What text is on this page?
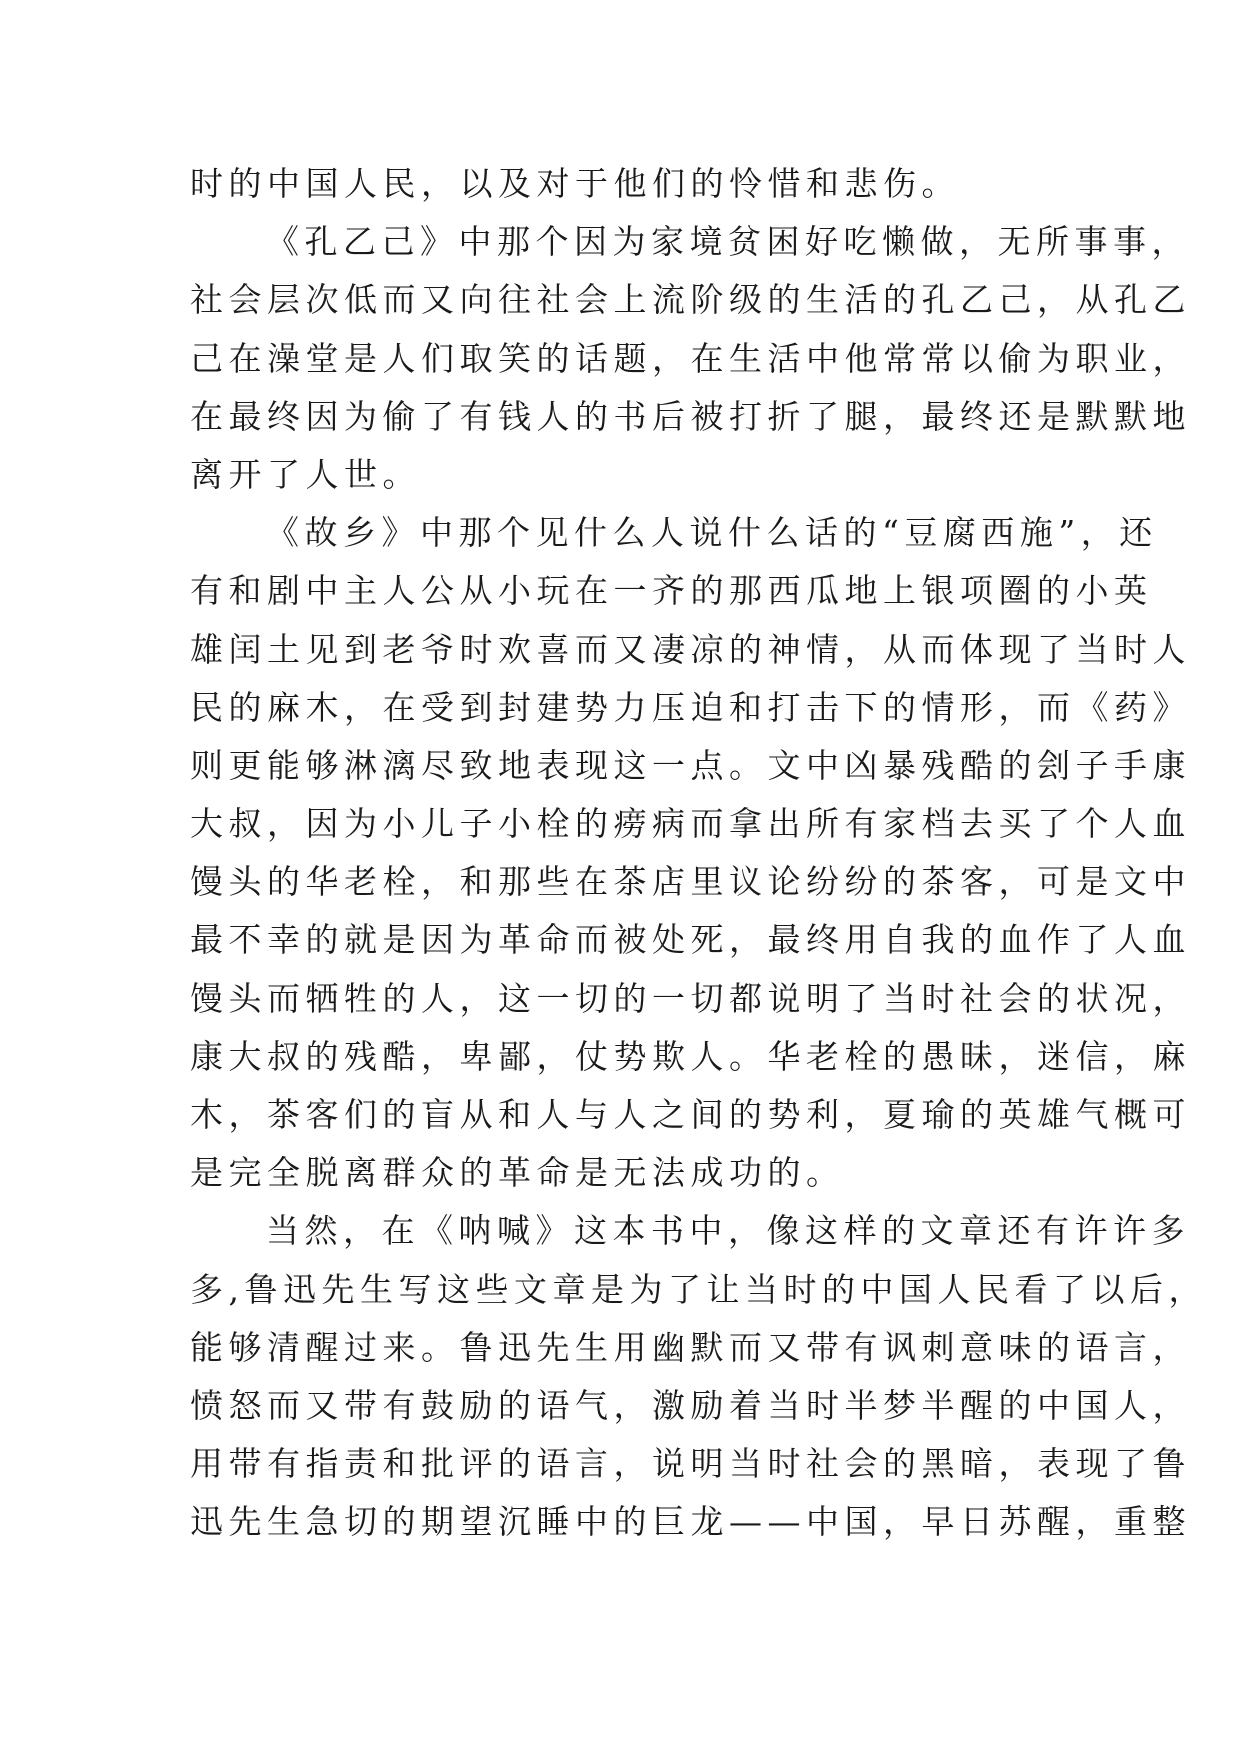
时的中国人民，以及对于他们的怜惜和悲伤。

《孔乙己》中那个因为家境贫困好吃懒做，无所事事，
社会层次低而又向往社会上流阶级的生活的孔乙己，从孔乙
己在澡堂是人们取笑的话题，在生活中他常常以偷为职业，
在最终因为偷了有钱人的书后被打折了腿，最终还是默默地
离开了人世。

《故乡》中那个见什么人说什么话的“豆腐西施”，还
有和剧中主人公从小玩在一齐的那西瓜地上银项圈的小英
雄闰土见到老爷时欢喜而又凄凉的神情，从而体现了当时人
民的麻木，在受到封建势力压迫和打击下的情形，而《药》
则更能够淋漓尽致地表现这一点。文中凶暴残酷的刽子手康
大叔，因为小儿子小栓的痨病而拿出所有家档去买了个人血
馒头的华老栓，和那些在茶店里议论纷纷的茶客，可是文中
最不幸的就是因为革命而被处死，最终用自我的血作了人血
馒头而牺牲的人，这一切的一切都说明了当时社会的状况，
康大叔的残酷，卑鄙，仗势欺人。华老栓的愚昧，迷信，麻
木，茶客们的盲从和人与人之间的势利，夏瑜的英雄气概可
是完全脱离群众的革命是无法成功的。

当然，在《呐喊》这本书中，像这样的文章还有许许多
多,鲁迅先生写这些文章是为了让当时的中国人民看了以后，
能够清醒过来。鲁迅先生用幽默而又带有讽刺意味的语言，
愤怒而又带有鼓励的语气，激励着当时半梦半醒的中国人，
用带有指责和批评的语言，说明当时社会的黑暗，表现了鲁
迅先生急切的期望沉睡中的巨龙——中国，早日苏醒，重整
